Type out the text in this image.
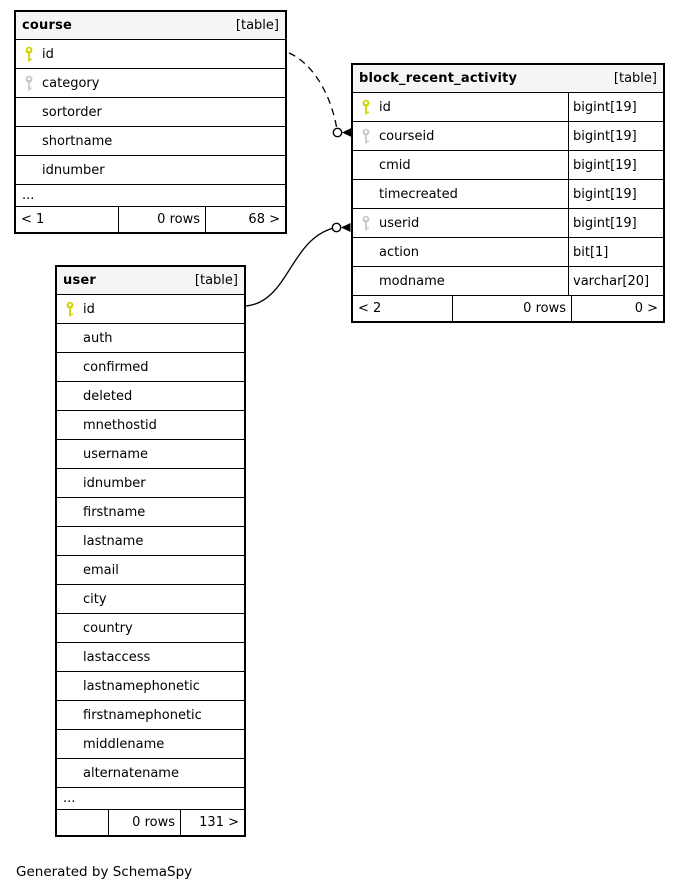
course	[table]
id
category
sortorder
shortname
idnumber
...
< 1	0 rows	68 >
block_recent_activity	[table]
id	bigint[19]
courseid	bigint[19]
cmid	bigint[19]
timecreated	bigint[19]
userid	bigint[19]
action	bit[1]
modname	varchar[20]
< 2	0 rows	0 >
user	[table]
id
auth
confirmed
deleted
mnethostid
username
idnumber
firstname
lastname
email
city
country
lastaccess
lastnamephonetic
firstnamephonetic
middlename
alternatename
...
0 rows	131 >
Generated by SchemaSpy
